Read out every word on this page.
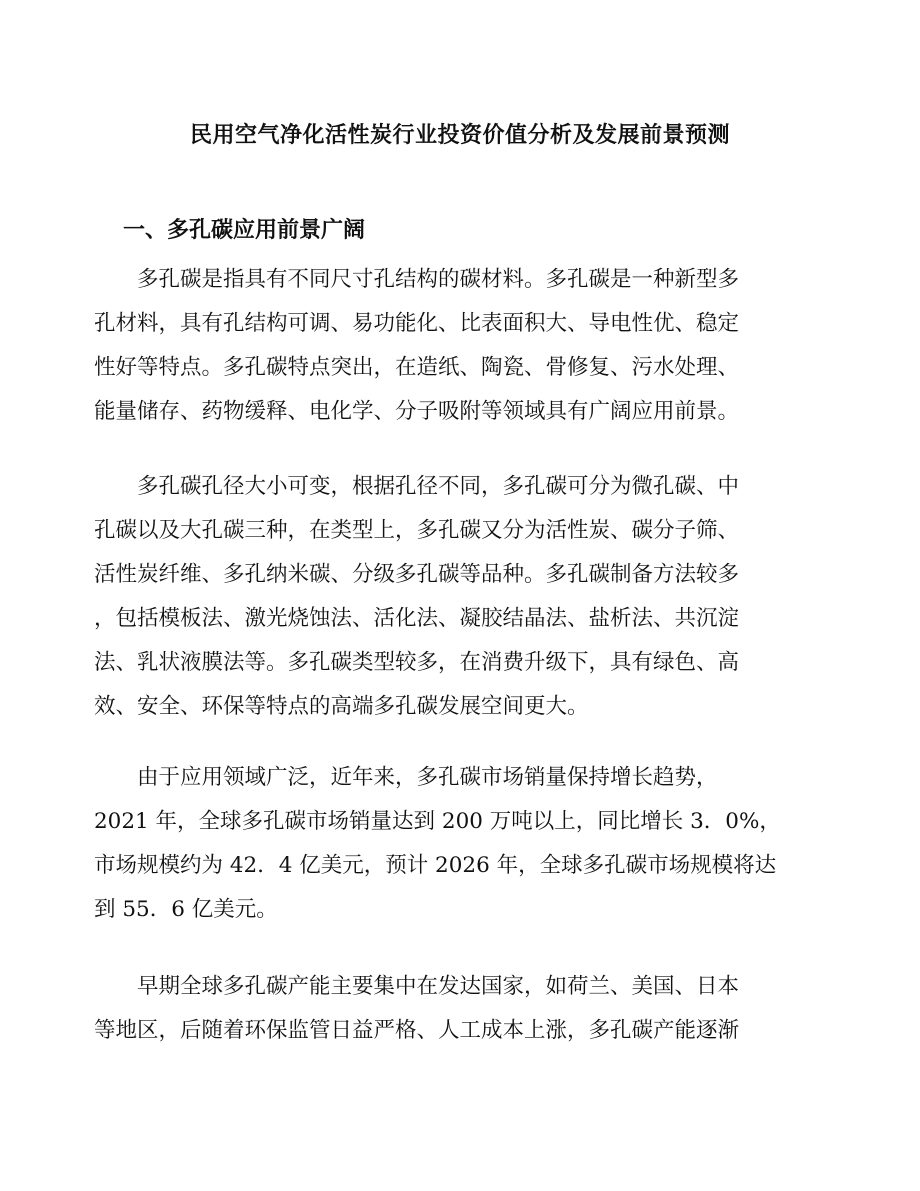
民用空气净化活性炭行业投资价值分析及发展前景预测
一、多孔碳应用前景广阔
多孔碳是指具有不同尺寸孔结构的碳材料。多孔碳是一种新型多
孔材料，具有孔结构可调、易功能化、比表面积大、导电性优、稳定
性好等特点。多孔碳特点突出，在造纸、陶瓷、骨修复、污水处理、
能量储存、药物缓释、电化学、分子吸附等领域具有广阔应用前景。
多孔碳孔径大小可变，根据孔径不同，多孔碳可分为微孔碳、中
孔碳以及大孔碳三种，在类型上，多孔碳又分为活性炭、碳分子筛、
活性炭纤维、多孔纳米碳、分级多孔碳等品种。多孔碳制备方法较多
，包括模板法、激光烧蚀法、活化法、凝胶结晶法、盐析法、共沉淀
法、乳状液膜法等。多孔碳类型较多，在消费升级下，具有绿色、高
效、安全、环保等特点的高端多孔碳发展空间更大。
由于应用领域广泛，近年来，多孔碳市场销量保持增长趋势，
2021 年，全球多孔碳市场销量达到 200 万吨以上，同比增长 3．0%，
市场规模约为 42．4 亿美元，预计 2026 年，全球多孔碳市场规模将达
到 55．6 亿美元。
早期全球多孔碳产能主要集中在发达国家，如荷兰、美国、日本
等地区，后随着环保监管日益严格、人工成本上涨，多孔碳产能逐渐
